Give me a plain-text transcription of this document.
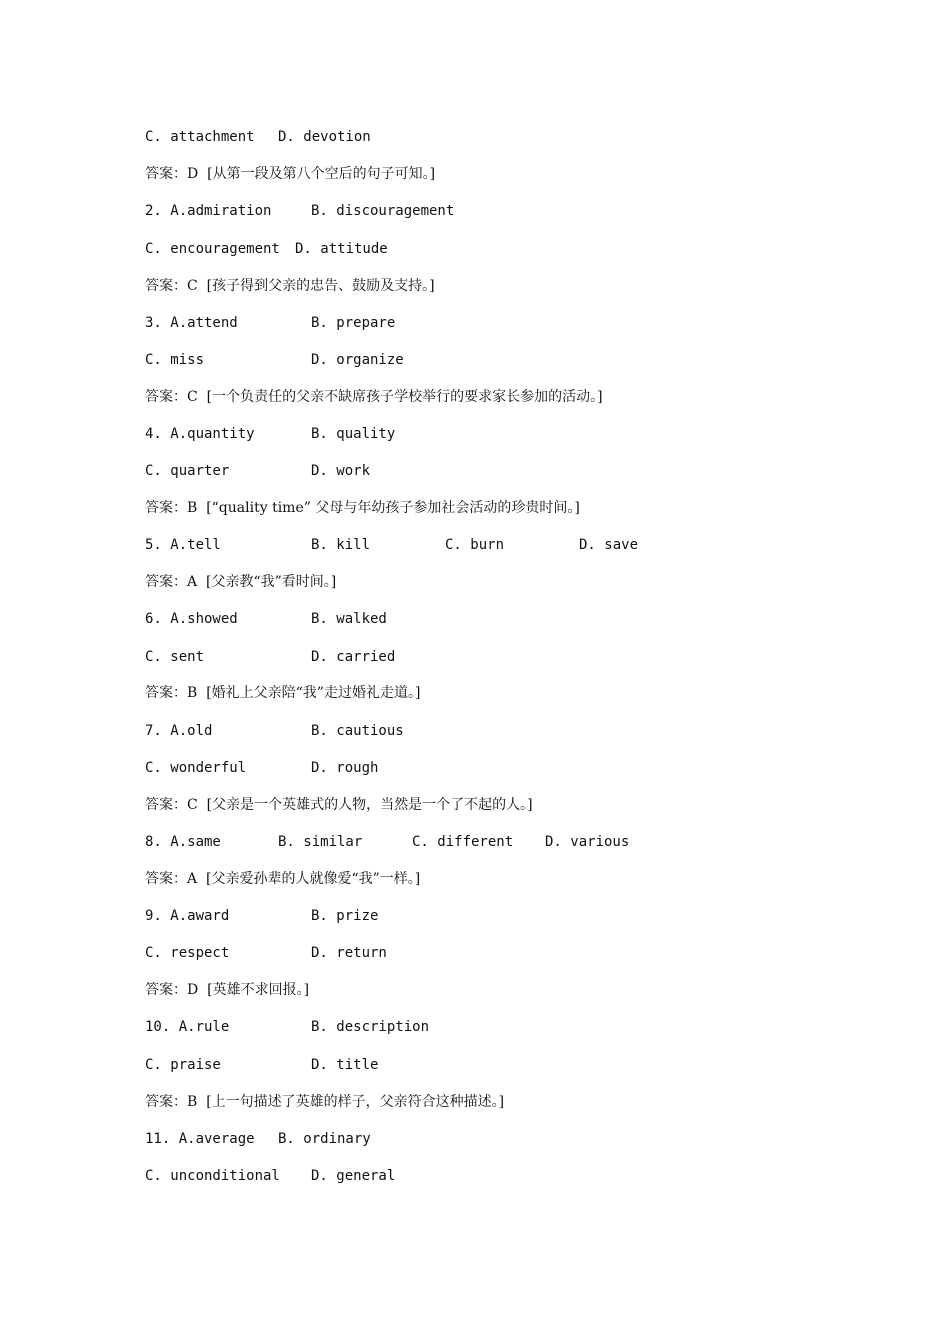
C. attachment D. devotion
答案：D  [从第一段及第八个空后的句子可知。]
2. A.admiration	B. discouragement
C. encouragement D. attitude
答案：C  [孩子得到父亲的忠告、鼓励及支持。]
3. A.attend	B. prepare
C. miss	D. organize
答案：C  [一个负责任的父亲不缺席孩子学校举行的要求家长参加的活动。]
4. A.quantity	B. quality
C. quarter	D. work
答案：B  [“quality time” 父母与年幼孩子参加社会活动的珍贵时间。]
5. A.tell	B. kill	C. burn	D. save
答案：A  [父亲教“我”看时间。]
6. A.showed	B. walked
C. sent	D. carried
答案：B  [婚礼上父亲陪“我”走过婚礼走道。]
7. A.old	B. cautious
C. wonderful	D. rough
答案：C  [父亲是一个英雄式的人物，当然是一个了不起的人。]
8. A.same	B. similar	C. different D. various
答案：A  [父亲爱孙辈的人就像爱“我”一样。]
9. A.award	B. prize
C. respect	D. return
答案：D  [英雄不求回报。]
10. A.rule	B. description
C. praise	D. title
答案：B  [上一句描述了英雄的样子，父亲符合这种描述。]
11. A.average B. ordinary
C. unconditional D. general
